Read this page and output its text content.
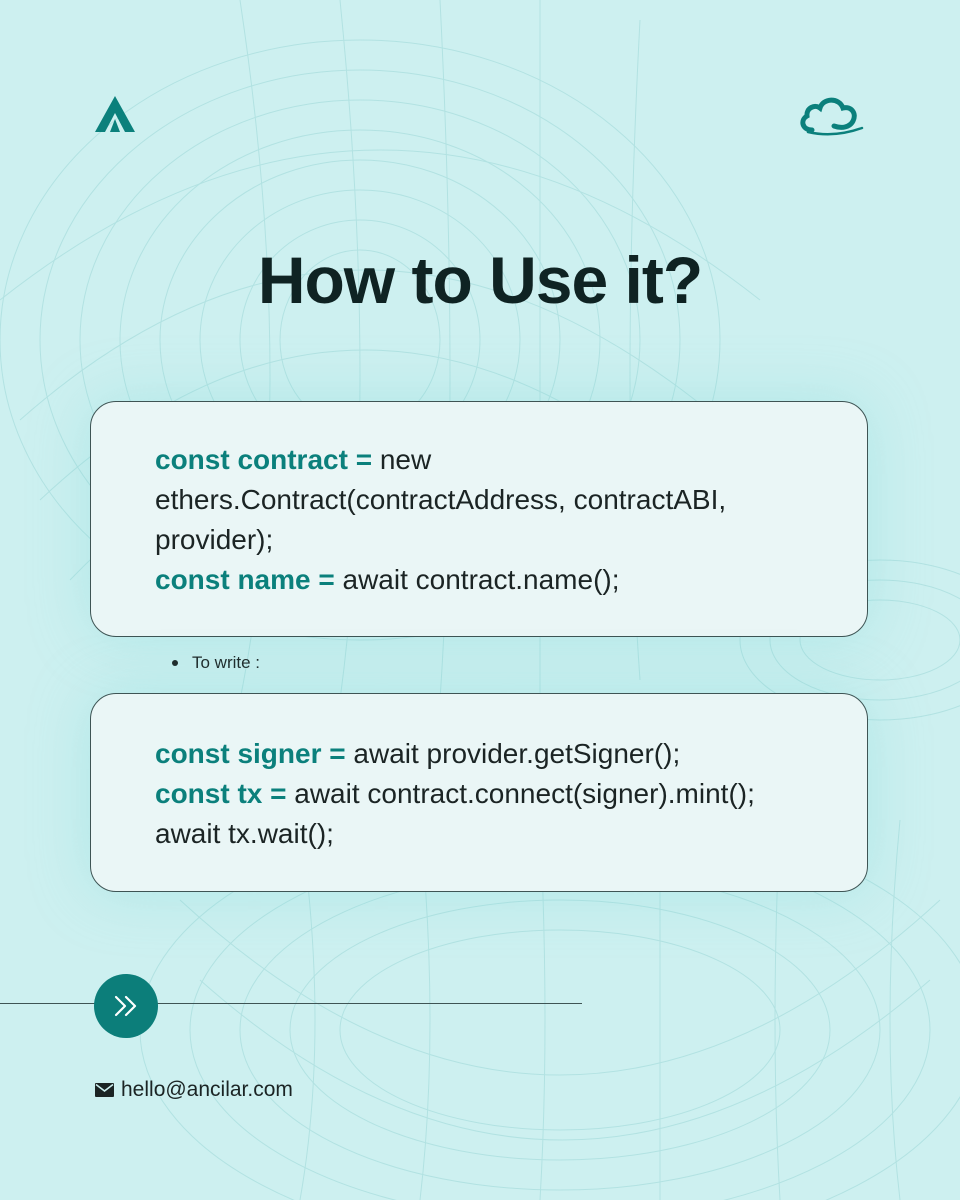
How to Use it?
const contract = new
ethers.Contract(contractAddress, contractABI,
provider);
const name = await contract.name();
To write :
const signer = await provider.getSigner();
const tx = await contract.connect(signer).mint();
await tx.wait();
hello@ancilar.com
